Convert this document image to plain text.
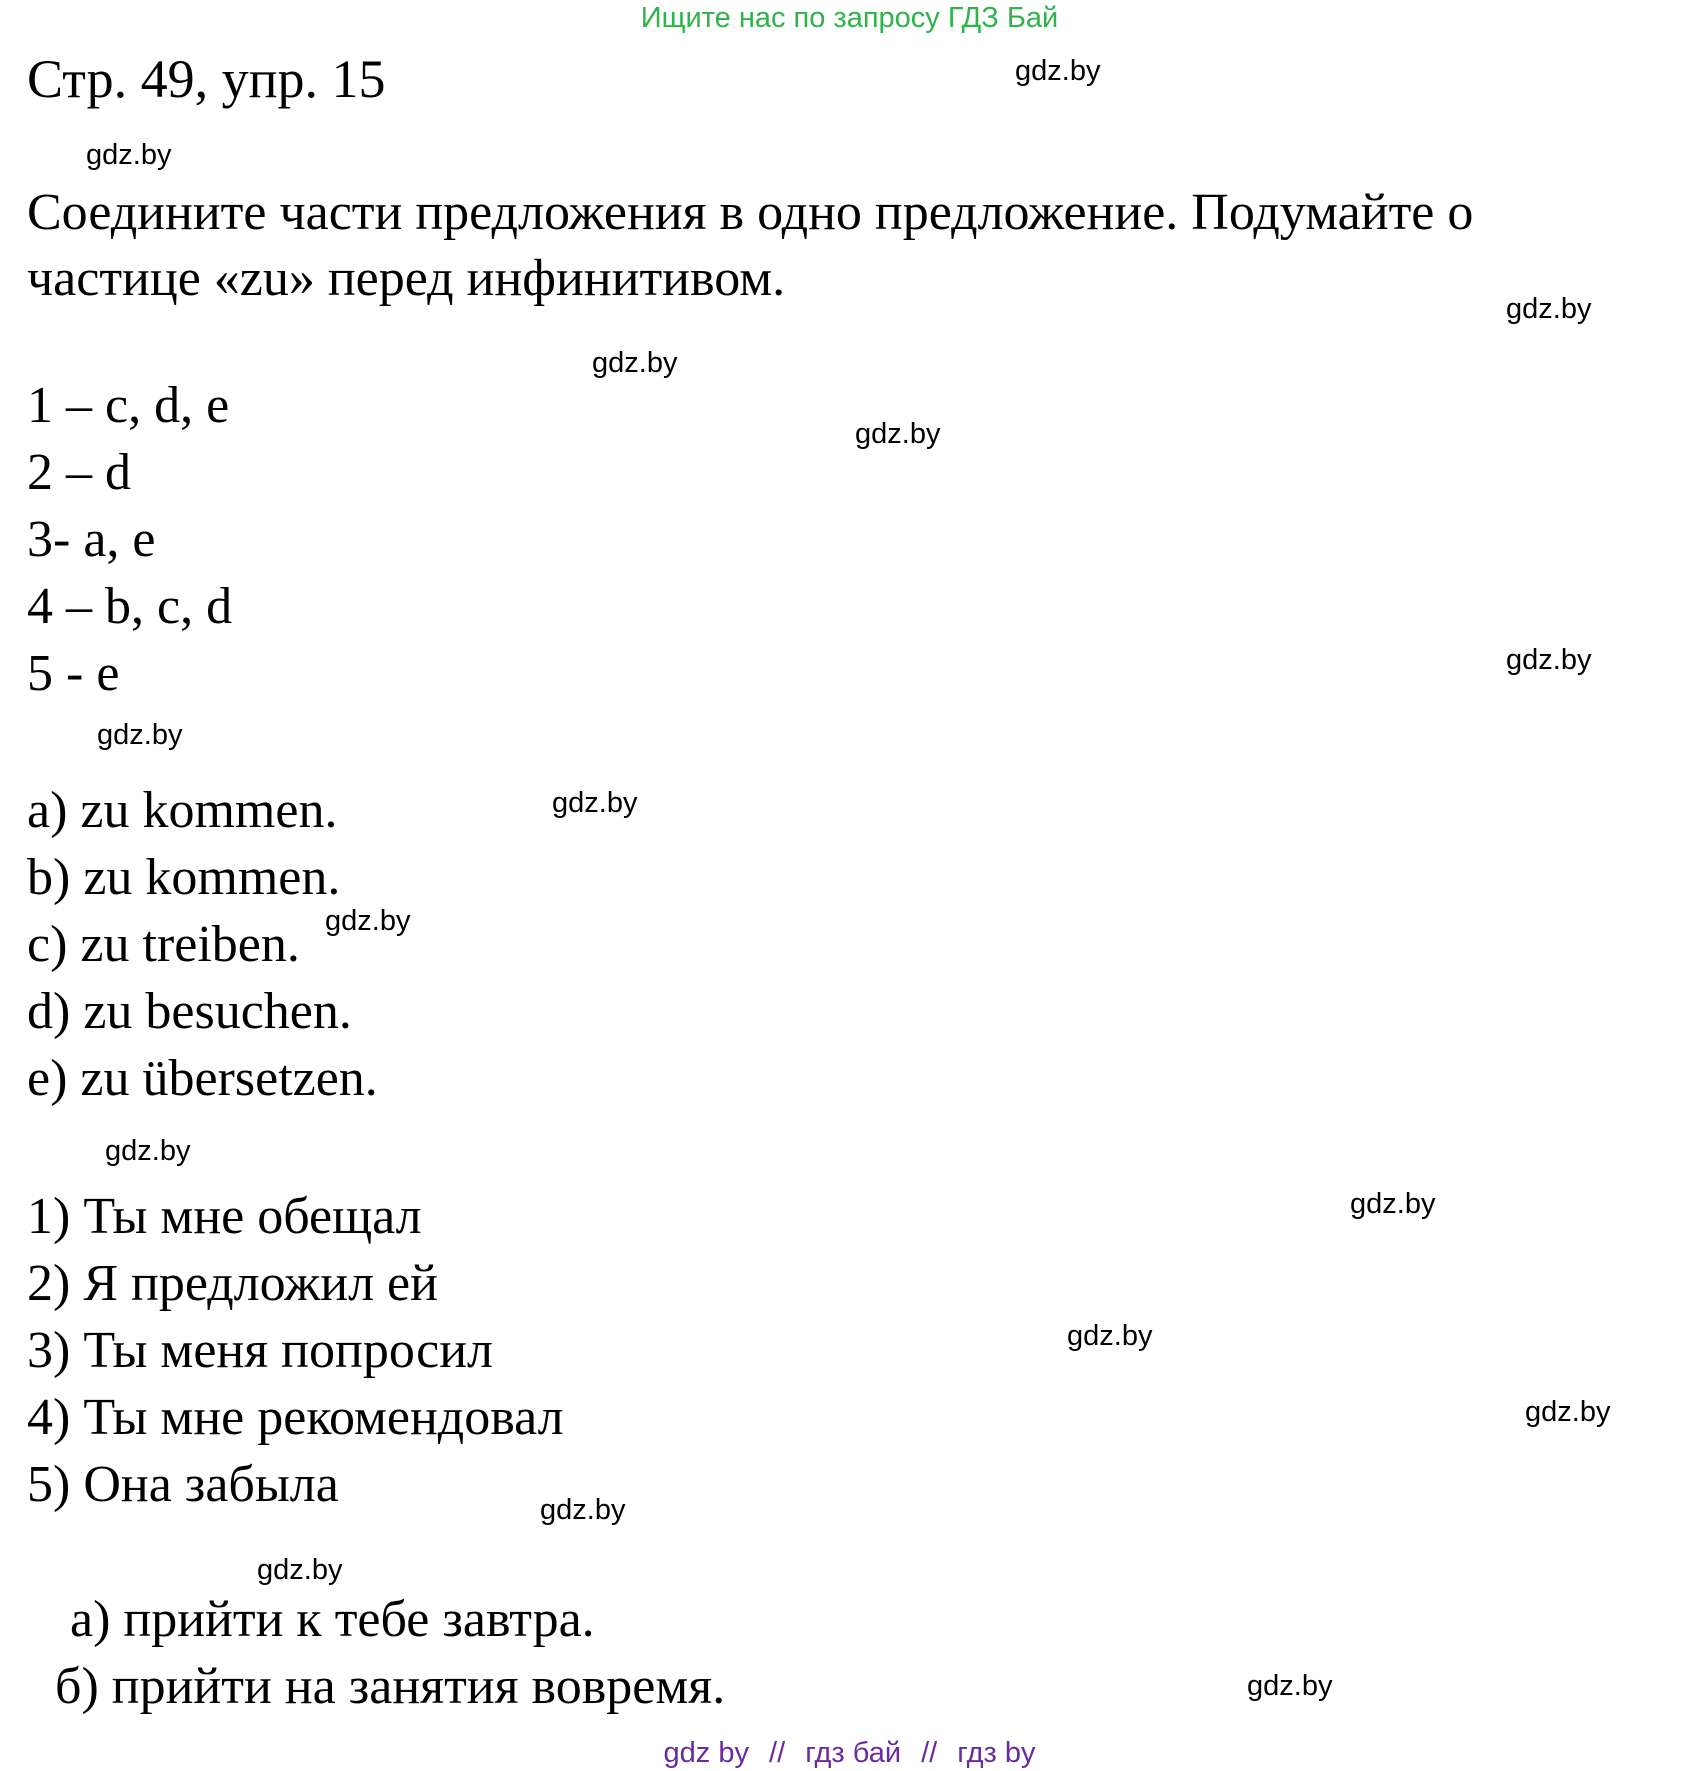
Ищите нас по запросу ГДЗ Бай
Стр. 49, упр. 15
Соедините части предложения в одно предложение. Подумайте о
частице «zu» перед инфинитивом.
1 – c, d, e
2 – d
3- a, e
4 – b, c, d
5 - e
a) zu kommen.
b) zu kommen.
c) zu treiben.
d) zu besuchen.
e) zu übersetzen.
1) Ты мне обещал
2) Я предложил ей
3) Ты меня попросил
4) Ты мне рекомендовал
5) Она забыла
а) прийти к тебе завтра.
б) прийти на занятия вовремя.
gdz.by
gdz.by
gdz.by
gdz.by
gdz.by
gdz.by
gdz.by
gdz.by
gdz.by
gdz.by
gdz.by
gdz.by
gdz.by
gdz.by
gdz.by
gdz.by
gdz by // гдз бай // гдз by
